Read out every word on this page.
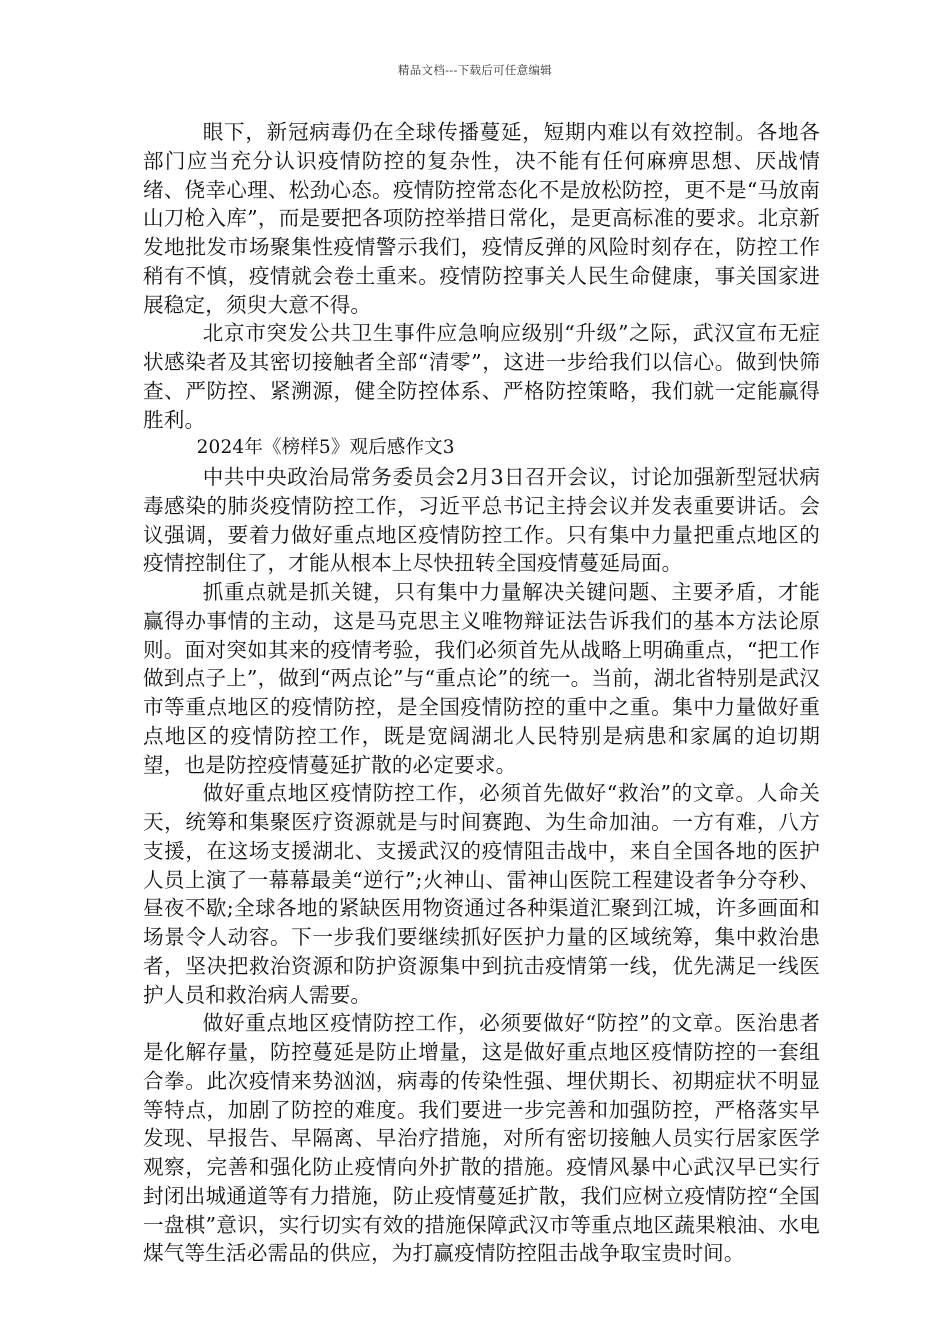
精品文档---下载后可任意编辑

眼下，新冠病毒仍在全球传播蔓延，短期内难以有效控制。各地各部门应当充分认识疫情防控的复杂性，决不能有任何麻痹思想、厌战情绪、侥幸心理、松劲心态。疫情防控常态化不是放松防控，更不是“马放南山刀枪入库”，而是要把各项防控举措日常化，是更高标准的要求。北京新发地批发市场聚集性疫情警示我们，疫情反弹的风险时刻存在，防控工作稍有不慎，疫情就会卷土重来。疫情防控事关人民生命健康，事关国家进展稳定，须臾大意不得。

北京市突发公共卫生事件应急响应级别“升级”之际，武汉宣布无症状感染者及其密切接触者全部“清零”，这进一步给我们以信心。做到快筛查、严防控、紧溯源，健全防控体系、严格防控策略，我们就一定能赢得胜利。

2024年《榜样5》观后感作文3

中共中央政治局常务委员会2月3日召开会议，讨论加强新型冠状病毒感染的肺炎疫情防控工作，习近平总书记主持会议并发表重要讲话。会议强调，要着力做好重点地区疫情防控工作。只有集中力量把重点地区的疫情控制住了，才能从根本上尽快扭转全国疫情蔓延局面。

抓重点就是抓关键，只有集中力量解决关键问题、主要矛盾，才能赢得办事情的主动，这是马克思主义唯物辩证法告诉我们的基本方法论原则。面对突如其来的疫情考验，我们必须首先从战略上明确重点，“把工作做到点子上”，做到“两点论”与“重点论”的统一。当前，湖北省特别是武汉市等重点地区的疫情防控，是全国疫情防控的重中之重。集中力量做好重点地区的疫情防控工作，既是宽阔湖北人民特别是病患和家属的迫切期望，也是防控疫情蔓延扩散的必定要求。

做好重点地区疫情防控工作，必须首先做好“救治”的文章。人命关天，统筹和集聚医疗资源就是与时间赛跑、为生命加油。一方有难，八方支援，在这场支援湖北、支援武汉的疫情阻击战中，来自全国各地的医护人员上演了一幕幕最美“逆行”;火神山、雷神山医院工程建设者争分夺秒、昼夜不歇;全球各地的紧缺医用物资通过各种渠道汇聚到江城，许多画面和场景令人动容。下一步我们要继续抓好医护力量的区域统筹，集中救治患者，坚决把救治资源和防护资源集中到抗击疫情第一线，优先满足一线医护人员和救治病人需要。

做好重点地区疫情防控工作，必须要做好“防控”的文章。医治患者是化解存量，防控蔓延是防止增量，这是做好重点地区疫情防控的一套组合拳。此次疫情来势汹汹，病毒的传染性强、埋伏期长、初期症状不明显等特点，加剧了防控的难度。我们要进一步完善和加强防控，严格落实早发现、早报告、早隔离、早治疗措施，对所有密切接触人员实行居家医学观察，完善和强化防止疫情向外扩散的措施。疫情风暴中心武汉早已实行封闭出城通道等有力措施，防止疫情蔓延扩散，我们应树立疫情防控“全国一盘棋”意识，实行切实有效的措施保障武汉市等重点地区蔬果粮油、水电煤气等生活必需品的供应，为打赢疫情防控阻击战争取宝贵时间。
